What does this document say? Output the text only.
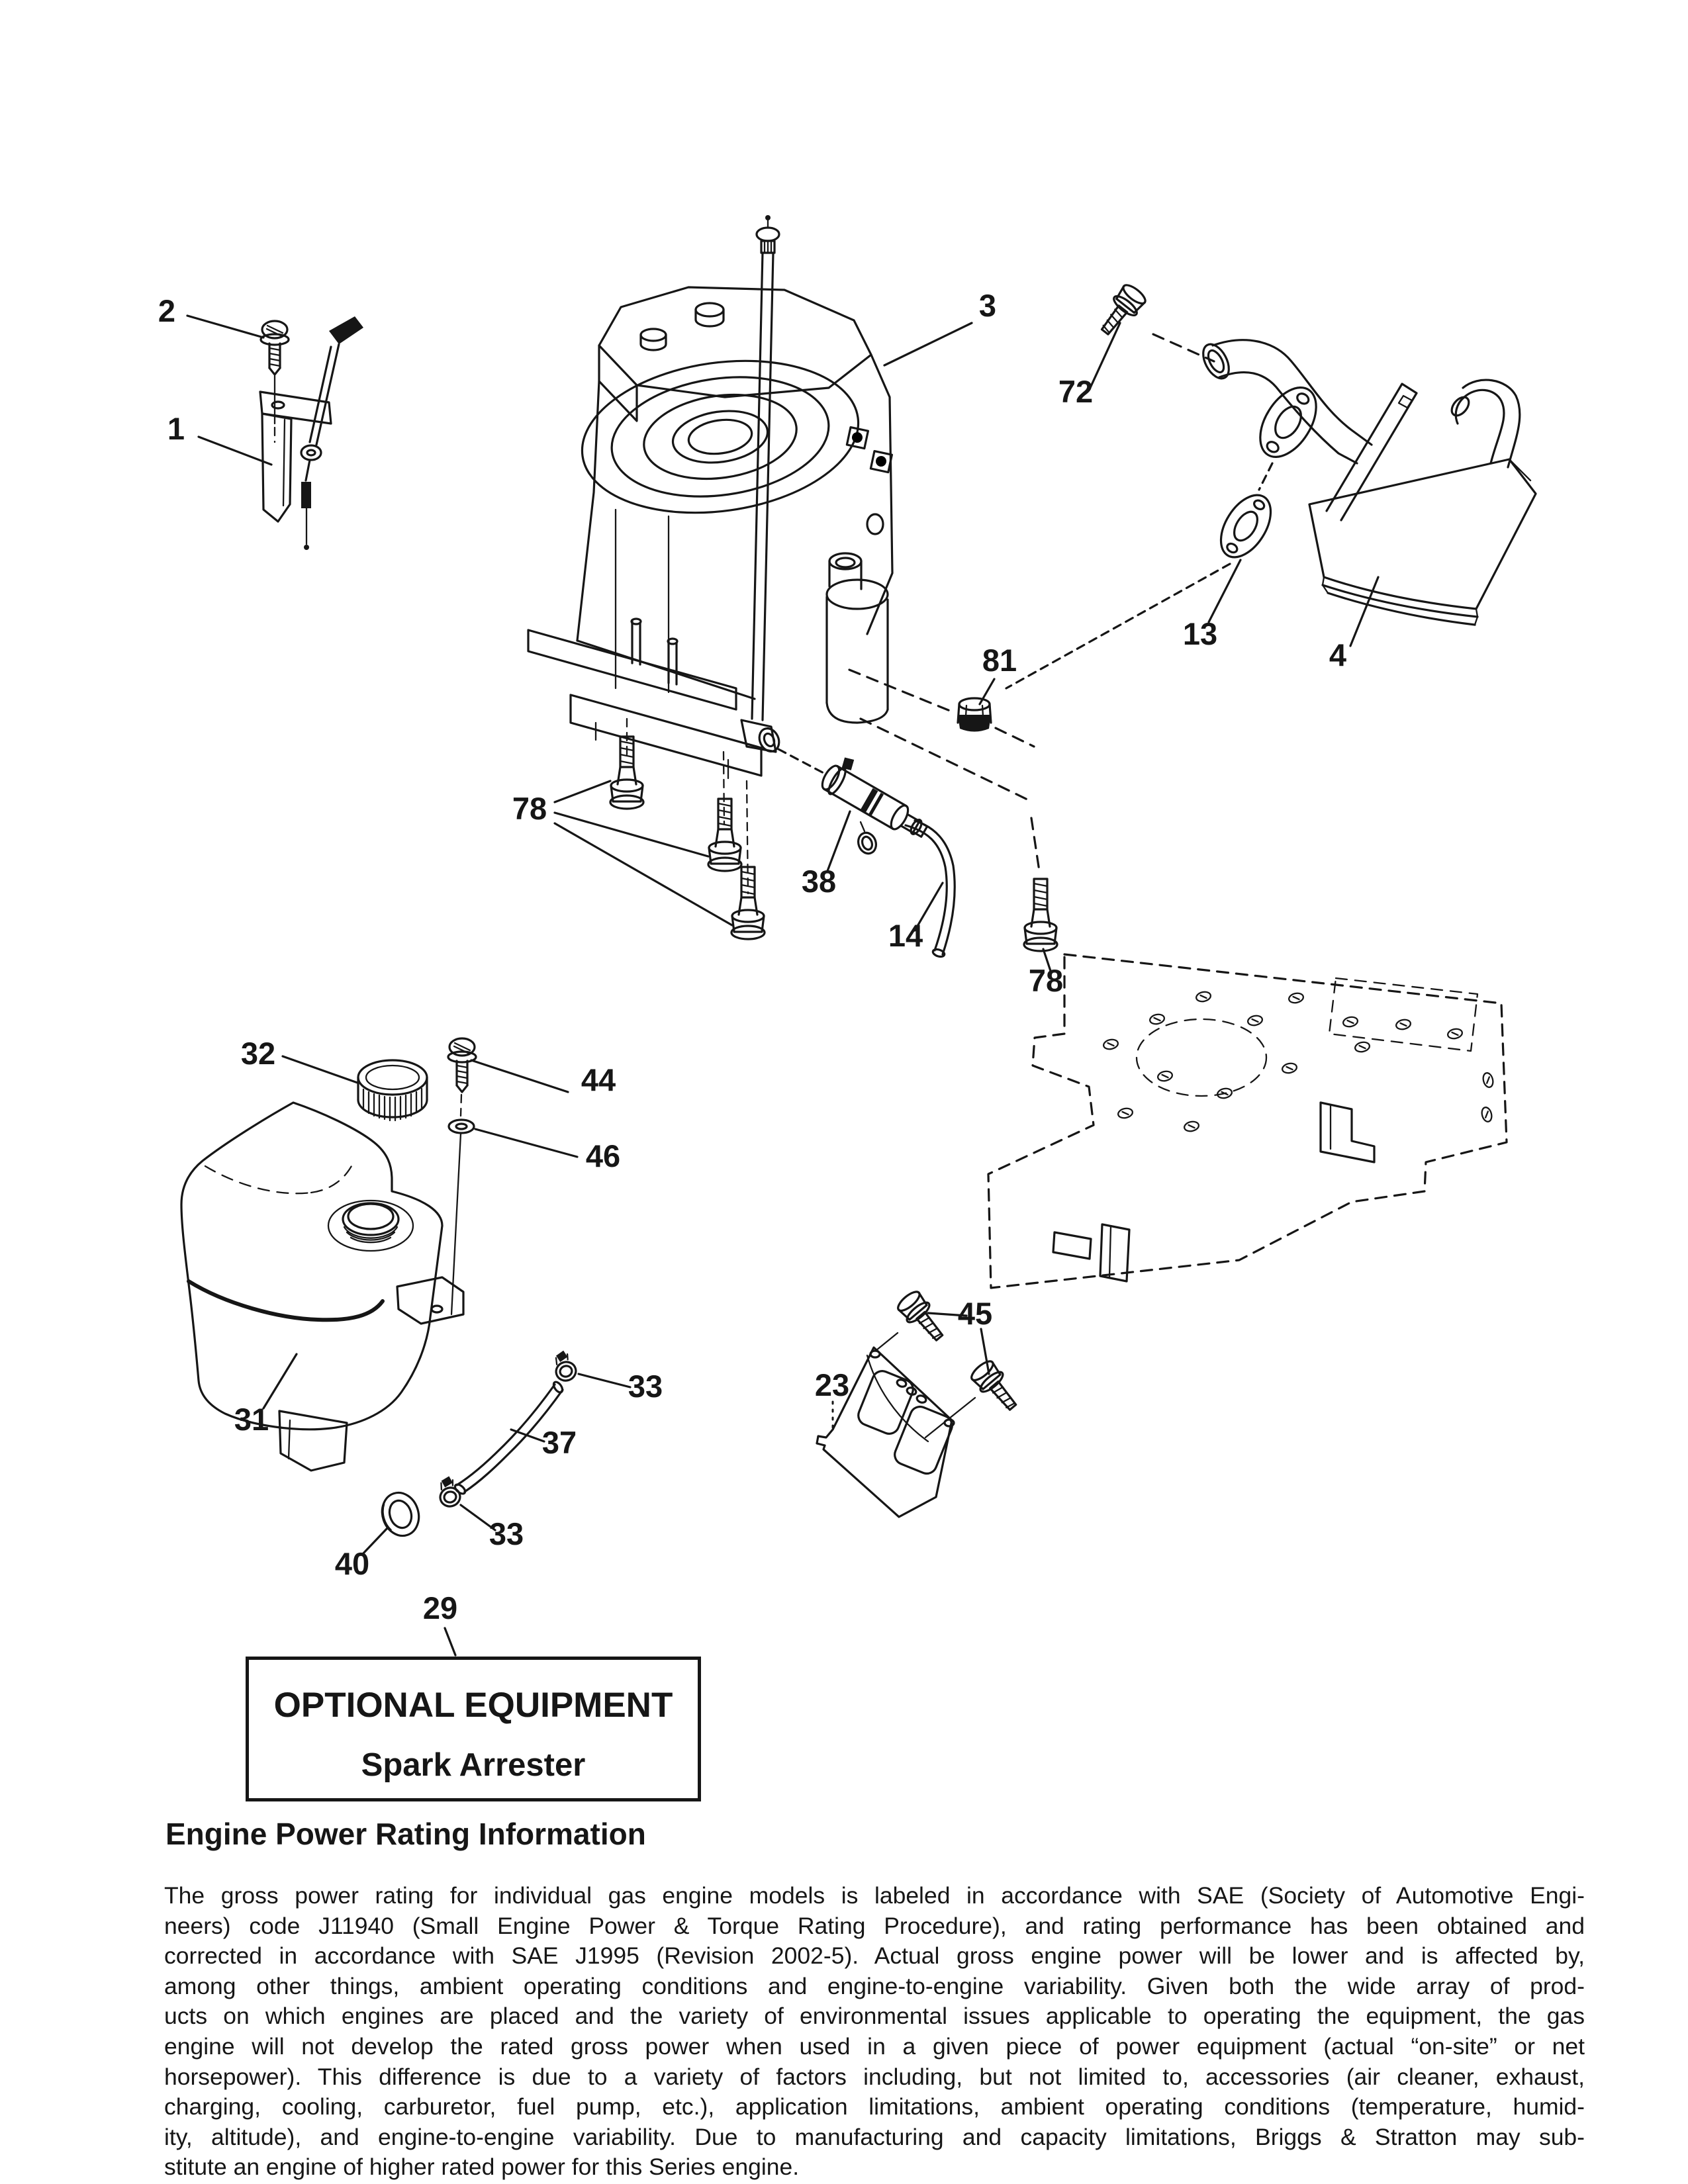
2
1
3
72
13
4
81
78
38
14
78
32
44
46
31
33
37
33
40
29
45
23
OPTIONAL EQUIPMENT
Spark Arrester
Engine Power Rating Information
The gross power rating for individual gas engine models is labeled in accordance with SAE (Society of Automotive Engi-
neers) code J11940 (Small Engine Power & Torque Rating Procedure), and rating performance has been obtained and
corrected in accordance with SAE J1995 (Revision 2002-5). Actual gross engine power will be lower and is affected by,
among other things, ambient operating conditions and engine-to-engine variability. Given both the wide array of prod-
ucts on which engines are placed and the variety of environmental issues applicable to operating the equipment, the gas
engine will not develop the rated gross power when used in a given piece of power equipment (actual “on-site” or net
horsepower). This difference is due to a variety of factors including, but not limited to, accessories (air cleaner, exhaust,
charging, cooling, carburetor, fuel pump, etc.), application limitations, ambient operating conditions (temperature, humid-
ity, altitude), and engine-to-engine variability. Due to manufacturing and capacity limitations, Briggs & Stratton may sub-
stitute an engine of higher rated power for this Series engine.
